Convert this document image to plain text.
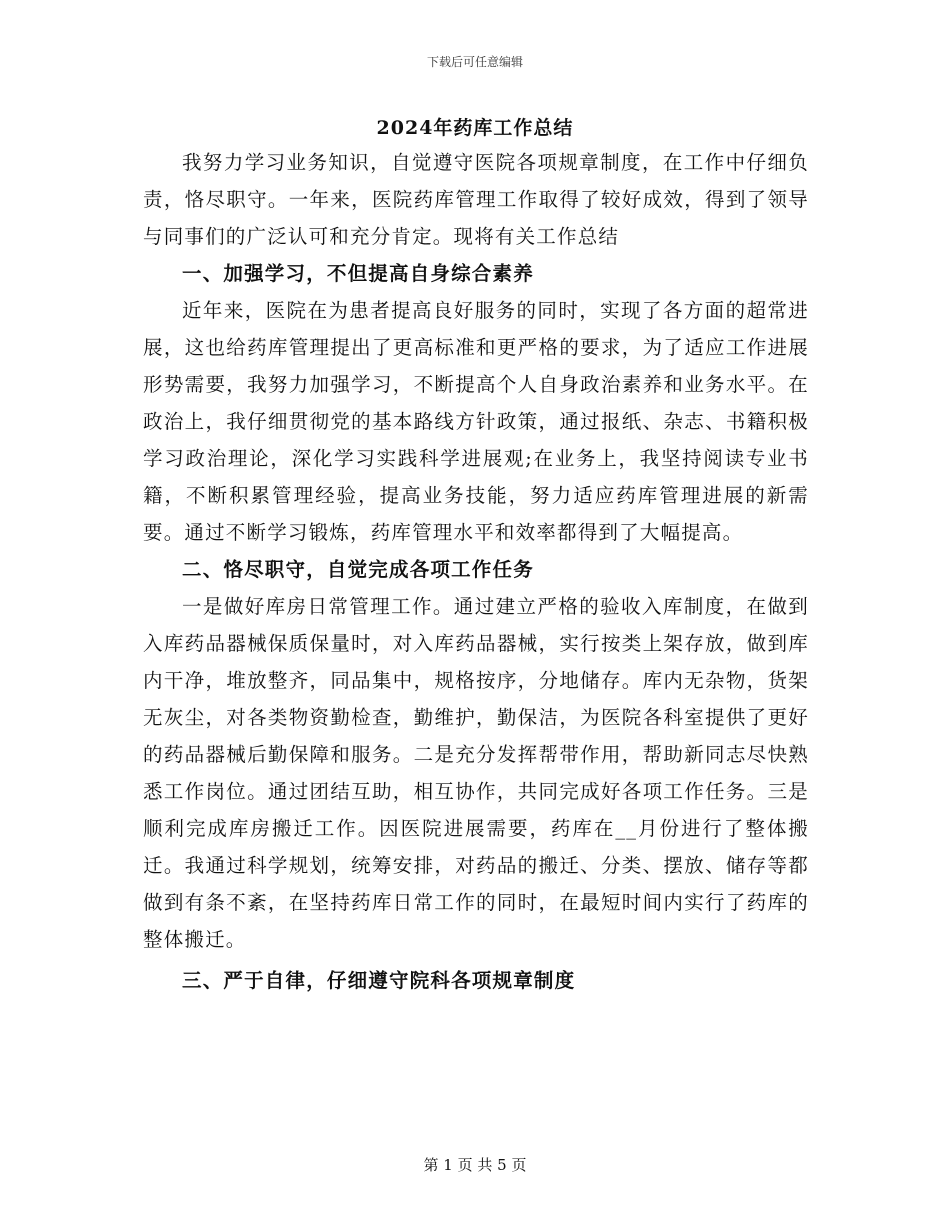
下载后可任意编辑
2024年药库工作总结

我努力学习业务知识，自觉遵守医院各项规章制度，在工作中仔细负责，恪尽职守。一年来，医院药库管理工作取得了较好成效，得到了领导与同事们的广泛认可和充分肯定。现将有关工作总结

一、加强学习，不但提高自身综合素养

近年来，医院在为患者提高良好服务的同时，实现了各方面的超常进展，这也给药库管理提出了更高标准和更严格的要求，为了适应工作进展形势需要，我努力加强学习，不断提高个人自身政治素养和业务水平。在政治上，我仔细贯彻党的基本路线方针政策，通过报纸、杂志、书籍积极学习政治理论，深化学习实践科学进展观;在业务上，我坚持阅读专业书籍，不断积累管理经验，提高业务技能，努力适应药库管理进展的新需要。通过不断学习锻炼，药库管理水平和效率都得到了大幅提高。

二、恪尽职守，自觉完成各项工作任务

一是做好库房日常管理工作。通过建立严格的验收入库制度，在做到入库药品器械保质保量时，对入库药品器械，实行按类上架存放，做到库内干净，堆放整齐，同品集中，规格按序，分地储存。库内无杂物，货架无灰尘，对各类物资勤检查，勤维护，勤保洁，为医院各科室提供了更好的药品器械后勤保障和服务。二是充分发挥帮带作用，帮助新同志尽快熟悉工作岗位。通过团结互助，相互协作，共同完成好各项工作任务。三是顺利完成库房搬迁工作。因医院进展需要，药库在__月份进行了整体搬迁。我通过科学规划，统筹安排，对药品的搬迁、分类、摆放、储存等都做到有条不紊，在坚持药库日常工作的同时，在最短时间内实行了药库的整体搬迁。

三、严于自律，仔细遵守院科各项规章制度

第 1 页 共 5 页
